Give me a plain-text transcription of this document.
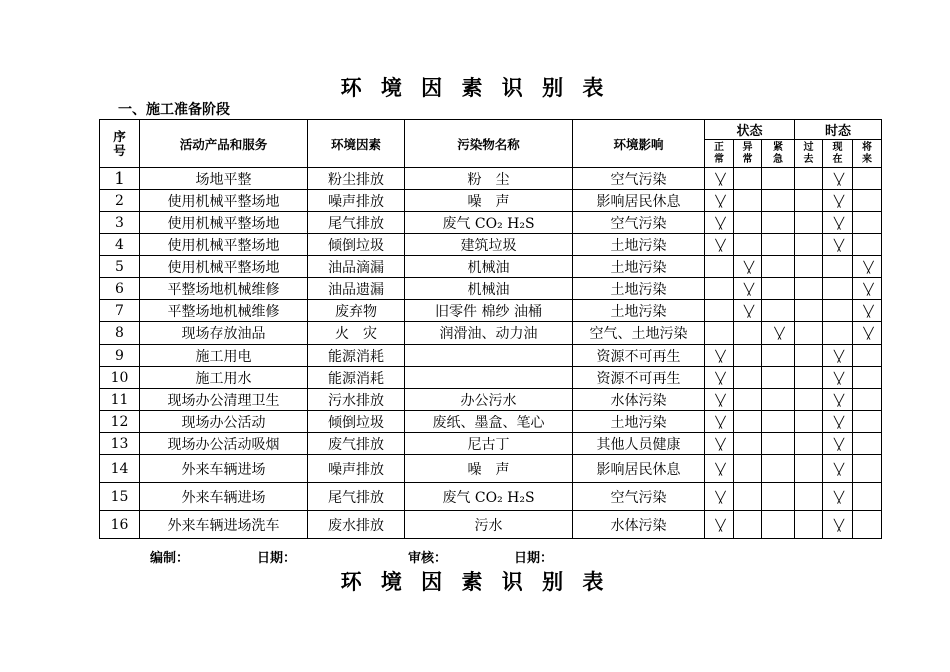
环 境 因 素 识 别 表
一、施工准备阶段
序号	活动产品和服务	环境因素	污染物名称	环境影响	状态			时态		
					正常	异常	紧急	过去	现在	将来
1	场地平整	粉尘排放	粉　尘	空气污染	╲╱				╲╱	
2	使用机械平整场地	噪声排放	噪　声	影响居民休息	╲╱				╲╱	
3	使用机械平整场地	尾气排放	废气 CO₂ H₂S	空气污染	╲╱				╲╱	
4	使用机械平整场地	倾倒垃圾	建筑垃圾	土地污染	╲╱				╲╱	
5	使用机械平整场地	油品滴漏	机械油	土地污染		╲╱				╲╱
6	平整场地机械维修	油品遗漏	机械油	土地污染		╲╱				╲╱
7	平整场地机械维修	废弃物	旧零件 棉纱 油桶	土地污染		╲╱				╲╱
8	现场存放油品	火　灾	润滑油、动力油	空气、土地污染			╲╱			╲╱
9	施工用电	能源消耗		资源不可再生	╲╱				╲╱	
10	施工用水	能源消耗		资源不可再生	╲╱				╲╱	
11	现场办公清理卫生	污水排放	办公污水	水体污染	╲╱				╲╱	
12	现场办公活动	倾倒垃圾	废纸、墨盒、笔心	土地污染	╲╱				╲╱	
13	现场办公活动吸烟	废气排放	尼古丁	其他人员健康	╲╱				╲╱	
14	外来车辆进场	噪声排放	噪　声	影响居民休息	╲╱				╲╱	
15	外来车辆进场	尾气排放	废气 CO₂ H₂S	空气污染	╲╱				╲╱	
16	外来车辆进场洗车	废水排放	污水	水体污染	╲╱				╲╱	
编制：	日期：	审核：	日期：
环 境 因 素 识 别 表
